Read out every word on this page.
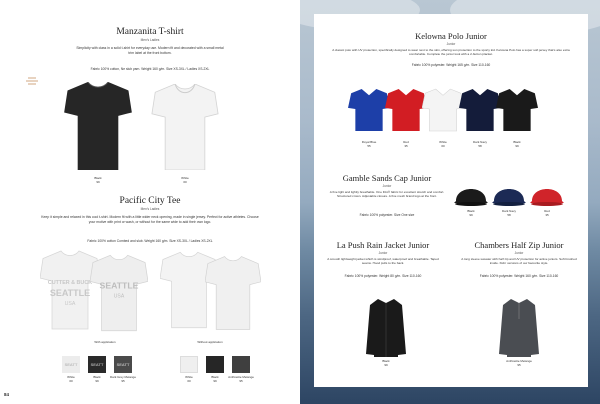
Manzanita T-shirt
Men's Ladies
Simplicity with class in a solid t-shirt for everyday use. Modern fit and decorated with a small metal trim label at the front bottom.
Fabric 100% cotton, Ne slub yarn. Weight 160 g/m. Size XS-3XL / Ladies XS-2XL
Black
99
White
00
Pacific City Tee
Men's Ladies
Keep it simple and relaxed in this cool t-shirt. Modern fit with a little wider neck opening, made in single jersey. Perfect for active athletes. Choose your motive with print or wash, or without for the same wide to add their own logo.
Fabric 100% cotton Combed and slub. Weight 160 g/m. Size XS-3XL / Ladies XS-2XL
CUTTER & BUCK
SEATTLE
USA
SEATTLE
USA
With application	Without application
SEATT	SEATT	SEATT
White
00
Black
99
Dark Grey Melange
95
White
00
Black
99
Anthracite Melange
95
84
Kelowna Polo Junior
Junior
A classic polo with UV protection, specifically designed to wear next to the skin, offering sun protection to the sporty kid. Kelowna Polo has a super soft jersey that's also extra comfortable. Complete the junior look with a 2-button placket.
Fabric 100% polyester. Weight 165 g/m. Size 110-160
Royal Blue
55
Red
35
White
00
Dark Navy
58
Black
99
Gamble Sands Cap Junior
Junior
A fine light and lightly breathable. One Fits® fabric for excellent stretch and comfort. Structured crown. Adjustable closure. A fine mesh brand logo at the front.
Fabric 100% polyester. Size One size
Black
99
Dark Navy
58
Red
35
La Push Rain Jacket Junior
Junior
A smooth lightweight jacket which is windproof, waterproof and breathable. Taped seams. Hood pulls to the back.
Fabric 100% polyester. Weight 80 g/m. Size 110-160
Black
99
Chambers Half Zip Junior
Junior
A long sleeve sweater with half zip and UV protection for active juniors. Soft brushed inside. Kids' versions of our favourite style.
Fabric 100% polyester. Weight 160 g/m. Size 110-160
Anthracite Melange
95
